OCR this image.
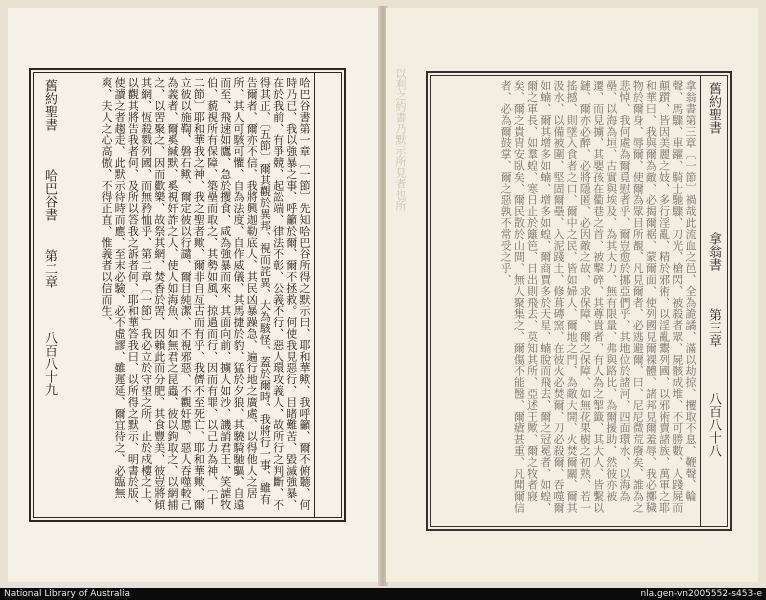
舊約聖書
哈巴谷書
第二章
八百八十九	哈巴谷書第一章〔一節〕先知哈巴谷所得之默示曰、耶和華歟、我呼籲、爾不俯聽、何時乃已、我以強暴之事、呼籲於爾、爾不拯救。何使我見惡行、目睹難苦、毀滅強暴、在於我前、有爭競、起訟端、律法不彰、公義不行、惡人環攻義人、故所行之判斷、不得其正、〔五節〕爾其觀於異邦、視而詫異、大為駭怪、蓋於爾時、我將行一事、雖有告爾者、爾亦不信、我將興迦勒底人、其民凶暴躁急、遍行地之廣處、以得他人之居所、其人可駭可懼、自為法度、自作威儀、其馬捷於豹、猛於夕狼、其驍騎馳驅、自遠而至、飛速如鷹、急於攫食、咸為強暴而來、其面向前、擄人如沙、譏誚君王、笑謔牧伯、藐視所有保障、築壘而取之、其勢如風、掠過而行、因而有罪、以己力為神、〔十二節〕耶和華我之神、我之聖者歟、爾非自亙古而有乎、我儕不至死亡、耶和華歟、爾立彼以施鞫、磐石歟、爾定彼以行譴、爾目純潔、不視邪惡、不觀奸慝、惡人吞噬較己為義者、爾奚緘默、奚視奸詐之人、使人如海魚、如無君之昆蟲、彼以鉤取之、以網捕之、以罟聚之、因而歡樂、故祭其網、焚香於罟、因賴此而分肥、其食豐美、彼豈將傾其網、恆殺戮列國、而無矜恤乎、第二章〔一節〕我必立於守望之所、止於戍樓之上、以觀其將告我者何、及所以答我之訴者何、耶和華答我曰、以所得之默示、明書於版、使讀之者趨走、此默示待時而應、至末必驗、必不虛謬、雖遲延、爾宜待之、必臨無爽、夫人之心高傲、不得正直、惟義者以信而生、	以利之約書乃默示所見者也所	舊約聖書
拿翁書
第三章
八百八十八
拿翁書第三章〔一節〕禍哉此流血之邑、全為詭譎、滿以劫掠、攫取不息、鞭聲、輪聲、馬驟、車躍、騎士馳驟、刀光、槍閃、被殺者眾、屍骸成堆、不可勝數、人踐屍而顛躓、皆因美麗之妓、多行淫亂、精於邪術、以淫亂鬻列國、以邪術賣諸族、萬軍之耶和華曰、我與爾為敵、必揭爾裾、蒙爾面、使列國見爾裸體、諸邦見爾羞辱、我必擲穢物於爾身、辱爾、使爾為眾目所覩、凡見爾者、必逃避爾、曰、尼尼微荒廢矣、誰為之悲悼、我何處為爾覓慰者乎、爾豈愈於挪亞們乎、其地位於諸河、四面環水、以海為壘、以海為垣、古實與埃及、為其大力、無有限量、弗與路比、為爾援助、然彼亦被遷、而見擄、其嬰孩在衢巷之首、被擊碎、其尊貴者、有人為之掣籤、其大人、皆繫以鏈、爾亦必醉、必將隱匿、必因敵之故、求保障、爾之保障、如無花果樹之初熟、若一搖撼、則墜入食者之口、爾中之民、皆如婦人、爾地之門、為敵大開、火焚爾關、爾其汲水、以備被圍、堅固爾壘、入泥踐土、修葺磚窯、在彼火必焚爾、刀必殺爾、吞噬爾如蝻、爾其增多如蝻、增多如蝗、爾商賈多於天星、蝻脫而飛去、爾之冠冕者、如蝗、爾之軍長、如羣蝗、寒日止於籬笆、日出則飛去、莫知其所、亞述王歟、爾之牧者寢矣、爾之貴胄安臥矣、爾民散於山間、無人聚集之、爾傷不能醫、爾瘡甚重、凡聞爾信者、必為爾鼓掌、爾之惡孰不常受之乎、
National Library of Australia	nla.gen-vn2005552-s453-e
